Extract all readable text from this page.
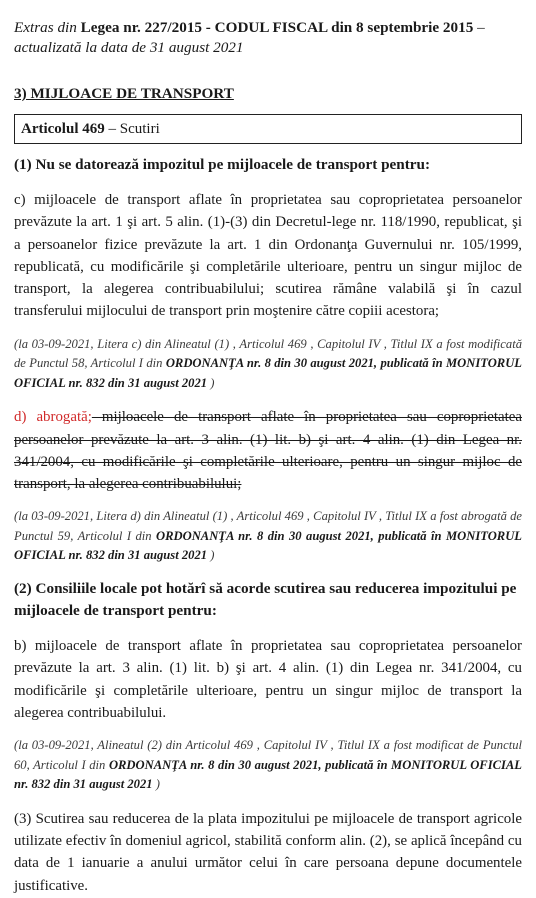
Extras din Legea nr. 227/2015 - CODUL FISCAL din 8 septembrie 2015 –
actualizată la data de 31 august 2021

3) MIJLOACE DE TRANSPORT

Articolul 469 – Scutiri

(1) Nu se datorează impozitul pe mijloacele de transport pentru:

c) mijloacele de transport aflate în proprietatea sau coproprietatea persoanelor prevăzute la art. 1 şi art. 5 alin. (1)-(3) din Decretul-lege nr. 118/1990, republicat, şi a persoanelor fizice prevăzute la art. 1 din Ordonanţa Guvernului nr. 105/1999, republicată, cu modificările şi completările ulterioare, pentru un singur mijloc de transport, la alegerea contribuabilului; scutirea rămâne valabilă şi în cazul transferului mijlocului de transport prin moştenire către copiii acestora;

(la 03-09-2021, Litera c) din Alineatul (1) , Articolul 469 , Capitolul IV , Titlul IX a fost modificată de Punctul 58, Articolul I din ORDONANŢA nr. 8 din 30 august 2021, publicată în MONITORUL OFICIAL nr. 832 din 31 august 2021 )

d) abrogată; mijloacele de transport aflate în proprietatea sau coproprietatea persoanelor prevăzute la art. 3 alin. (1) lit. b) şi art. 4 alin. (1) din Legea nr. 341/2004, cu modificările şi completările ulterioare, pentru un singur mijloc de transport, la alegerea contribuabilului;

(la 03-09-2021, Litera d) din Alineatul (1) , Articolul 469 , Capitolul IV , Titlul IX a fost abrogată de Punctul 59, Articolul I din ORDONANŢA nr. 8 din 30 august 2021, publicată în MONITORUL OFICIAL nr. 832 din 31 august 2021 )

(2) Consiliile locale pot hotărî să acorde scutirea sau reducerea impozitului pe mijloacele de transport pentru:

b) mijloacele de transport aflate în proprietatea sau coproprietatea persoanelor prevăzute la art. 3 alin. (1) lit. b) şi art. 4 alin. (1) din Legea nr. 341/2004, cu modificările şi completările ulterioare, pentru un singur mijloc de transport la alegerea contribuabilului.

(la 03-09-2021, Alineatul (2) din Articolul 469 , Capitolul IV , Titlul IX a fost modificat de Punctul 60, Articolul I din ORDONANŢA nr. 8 din 30 august 2021, publicată în MONITORUL OFICIAL nr. 832 din 31 august 2021 )

(3) Scutirea sau reducerea de la plata impozitului pe mijloacele de transport agricole utilizate efectiv în domeniul agricol, stabilită conform alin. (2), se aplică începând cu data de 1 ianuarie a anului următor celui în care persoana depune documentele justificative.
